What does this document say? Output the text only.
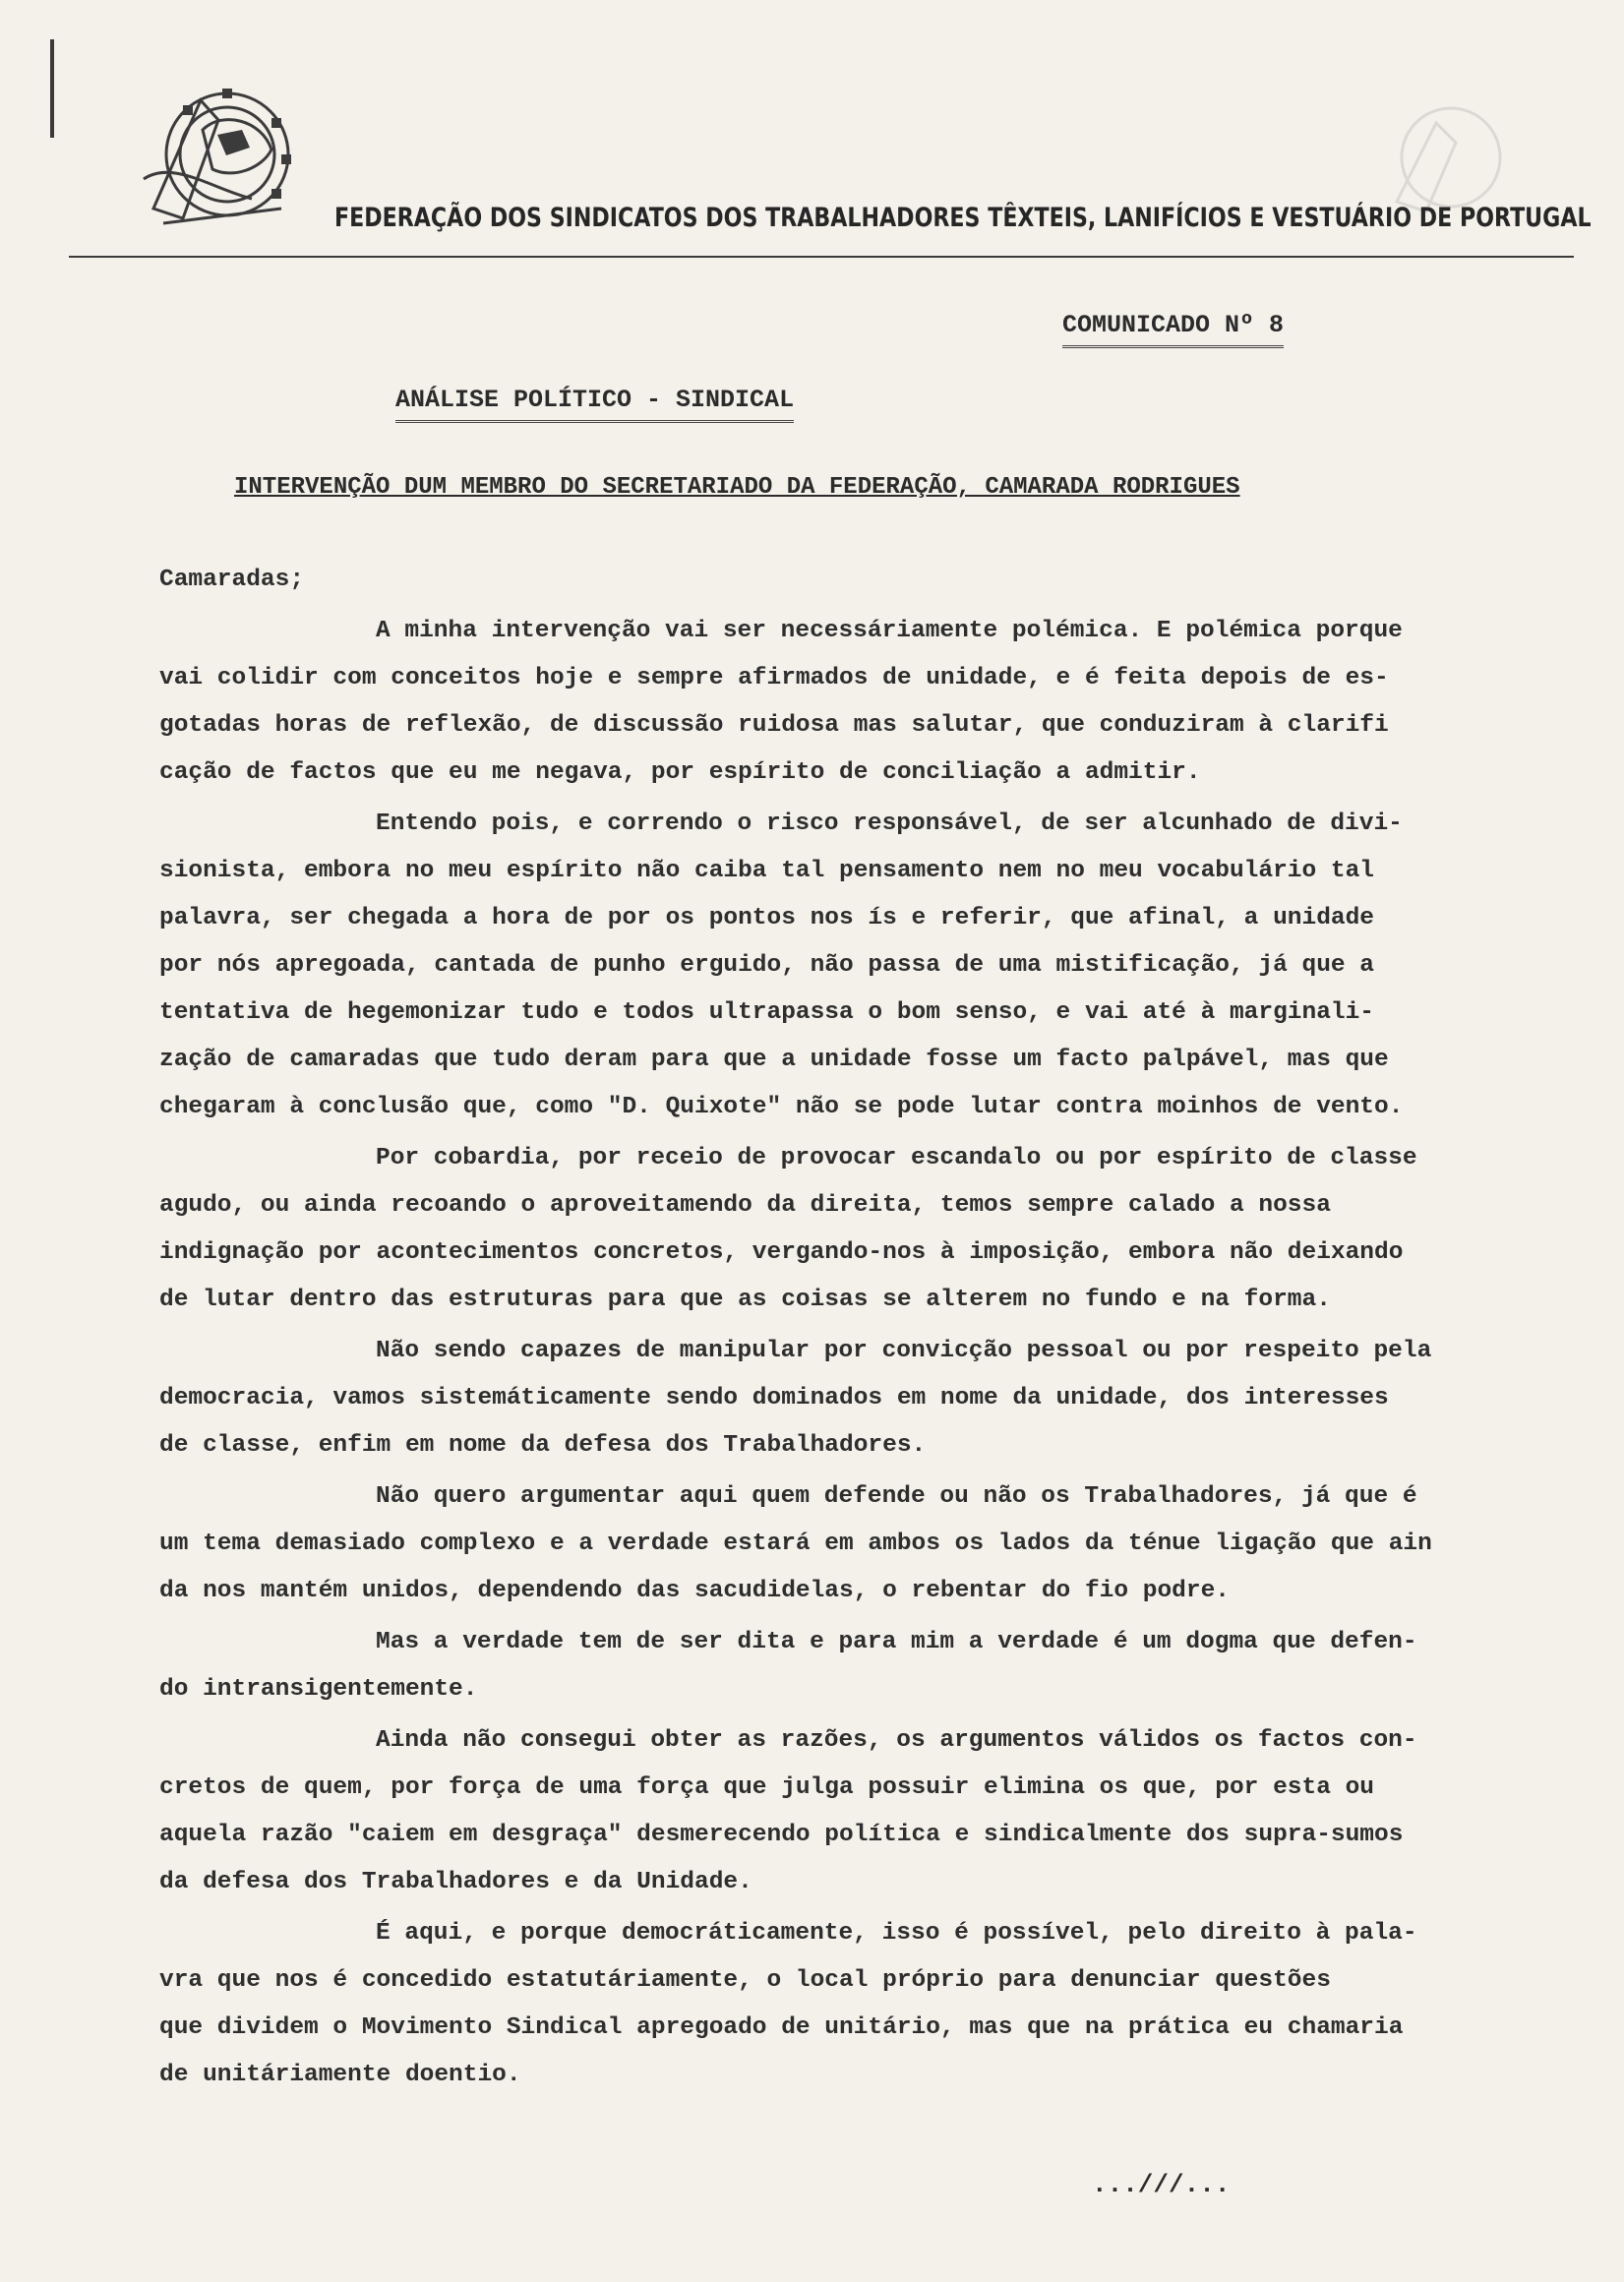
FEDERAÇÃO DOS SINDICATOS DOS TRABALHADORES TÊXTEIS, LANIFÍCIOS E VESTUÁRIO DE PORTUGAL
COMUNICADO Nº 8
ANÁLISE POLÍTICO - SINDICAL
INTERVENÇÃO DUM MEMBRO DO SECRETARIADO DA FEDERAÇÃO, CAMARADA RODRIGUES

Camaradas;

A minha intervenção vai ser necessáriamente polémica. E polémica porque
vai colidir com conceitos hoje e sempre afirmados de unidade, e é feita depois de es-
gotadas horas de reflexão, de discussão ruidosa mas salutar, que conduziram à clarifi
cação de factos que eu me negava, por espírito de conciliação a admitir.

Entendo pois, e correndo o risco responsável, de ser alcunhado de divi-
sionista, embora no meu espírito não caiba tal pensamento nem no meu vocabulário tal
palavra, ser chegada a hora de por os pontos nos ís e referir, que afinal, a unidade
por nós apregoada, cantada de punho erguido, não passa de uma mistificação, já que a
tentativa de hegemonizar tudo e todos ultrapassa o bom senso, e vai até à marginali-
zação de camaradas que tudo deram para que a unidade fosse um facto palpável, mas que
chegaram à conclusão que, como "D. Quixote" não se pode lutar contra moinhos de vento.

Por cobardia, por receio de provocar escandalo ou por espírito de classe
agudo, ou ainda recoando o aproveitamendo da direita, temos sempre calado a nossa
indignação por acontecimentos concretos, vergando-nos à imposição, embora não deixando
de lutar dentro das estruturas para que as coisas se alterem no fundo e na forma.

Não sendo capazes de manipular por convicção pessoal ou por respeito pela
democracia, vamos sistemáticamente sendo dominados em nome da unidade, dos interesses
de classe, enfim em nome da defesa dos Trabalhadores.

Não quero argumentar aqui quem defende ou não os Trabalhadores, já que é
um tema demasiado complexo e a verdade estará em ambos os lados da ténue ligação que ain
da nos mantém unidos, dependendo das sacudidelas, o rebentar do fio podre.

Mas a verdade tem de ser dita e para mim a verdade é um dogma que defen-
do intransigentemente.

Ainda não consegui obter as razões, os argumentos válidos os factos con-
cretos de quem, por força de uma força que julga possuir elimina os que, por esta ou
aquela razão "caiem em desgraça" desmerecendo política e sindicalmente dos supra-sumos
da defesa dos Trabalhadores e da Unidade.

É aqui, e porque democráticamente, isso é possível, pelo direito à pala-
vra que nos é concedido estatutáriamente, o local próprio para denunciar questões
que dividem o Movimento Sindical apregoado de unitário, mas que na prática eu chamaria
de unitáriamente doentio.

...///...
